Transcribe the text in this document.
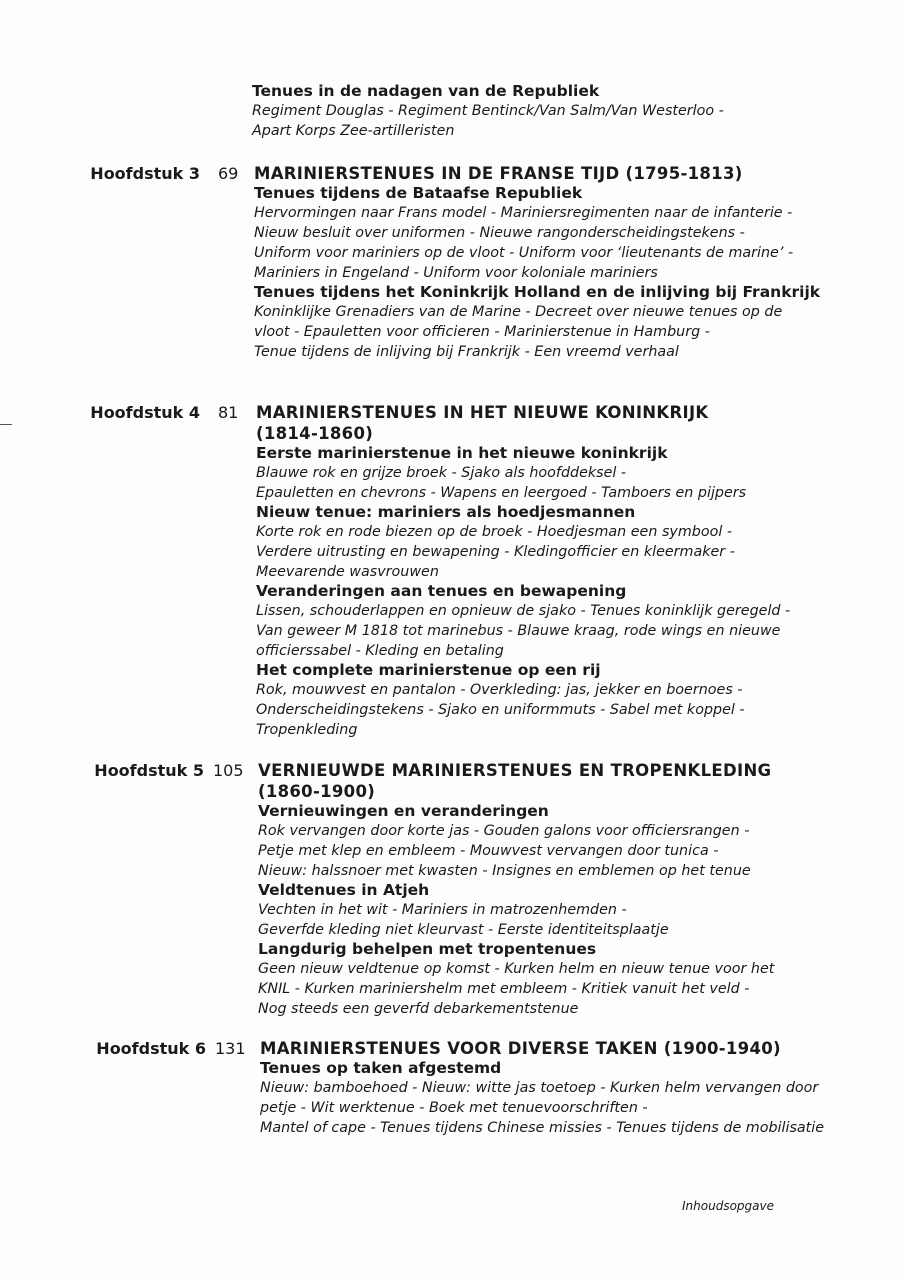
Tenues in de nadagen van de Republiek

Regiment Douglas - Regiment Bentinck/Van Salm/Van Westerloo -

Apart Korps Zee-artilleristen

Hoofdstuk 3 69 MARINIERSTENUES IN DE FRANSE TIJD (1795-1813)

Tenues tijdens de Bataafse Republiek

Hervormingen naar Frans model - Mariniersregimenten naar de infanterie -

Nieuw besluit over uniformen - Nieuwe rangonderscheidingstekens -

Uniform voor mariniers op de vloot - Uniform voor ‘lieutenants de marine’ -

Mariniers in Engeland - Uniform voor koloniale mariniers

Tenues tijdens het Koninkrijk Holland en de inlijving bij Frankrijk

Koninklijke Grenadiers van de Marine - Decreet over nieuwe tenues op de

vloot - Epauletten voor officieren - Marinierstenue in Hamburg -

Tenue tijdens de inlijving bij Frankrijk - Een vreemd verhaal

Hoofdstuk 4 81	MARINIERSTENUES IN HET NIEUWE KONINKRIJK

(1814-1860)

Eerste marinierstenue in het nieuwe koninkrijk

Blauwe rok en grijze broek - Sjako als hoofddeksel -

Epauletten en chevrons - Wapens en leergoed - Tamboers en pijpers

Nieuw tenue: mariniers als hoedjesmannen

Korte rok en rode biezen op de broek - Hoedjesman een symbool -

Verdere uitrusting en bewapening - Kledingofficier en kleermaker -

Meevarende wasvrouwen

Veranderingen aan tenues en bewapening

Lissen, schouderlappen en opnieuw de sjako - Tenues koninklijk geregeld -

Van geweer M 1818 tot marinebus - Blauwe kraag, rode wings en nieuwe

officierssabel - Kleding en betaling

Het complete marinierstenue op een rij

Rok, mouwvest en pantalon - Overkleding: jas, jekker en boernoes -

Onderscheidingstekens - Sjako en uniformmuts - Sabel met koppel -

Tropenkleding

Hoofdstuk 5 105 VERNIEUWDE MARINIERSTENUES EN TROPENKLEDING

(1860-1900)

Vernieuwingen en veranderingen

Rok vervangen door korte jas - Gouden galons voor officiersrangen -

Petje met klep en embleem - Mouwvest vervangen door tunica -

Nieuw: halssnoer met kwasten - Insignes en emblemen op het tenue

Veldtenues in Atjeh

Vechten in het wit - Mariniers in matrozenhemden -

Geverfde kleding niet kleurvast - Eerste identiteitsplaatje

Langdurig behelpen met tropentenues

Geen nieuw veldtenue op komst - Kurken helm en nieuw tenue voor het

KNIL - Kurken mariniershelm met embleem - Kritiek vanuit het veld -

Nog steeds een geverfd debarkementstenue

Hoofdstuk 6 131 MARINIERSTENUES VOOR DIVERSE TAKEN (1900-1940)

Tenues op taken afgestemd

Nieuw: bamboehoed - Nieuw: witte jas toetoep - Kurken helm vervangen door

petje - Wit werktenue - Boek met tenuevoorschriften -

Mantel of cape - Tenues tijdens Chinese missies - Tenues tijdens de mobilisatie

Inhoudsopgave
